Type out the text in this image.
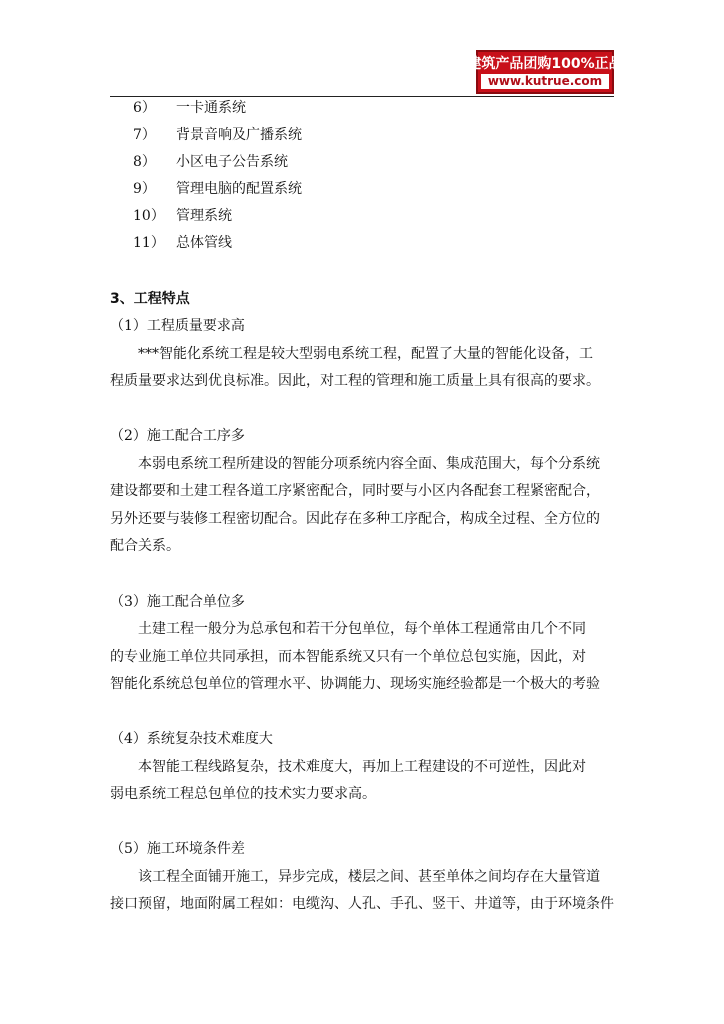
建筑产品团购100%正品
www.kutrue.com
6） 一卡通系统
7） 背景音响及广播系统
8） 小区电子公告系统
9） 管理电脑的配置系统
10） 管理系统
11） 总体管线
3、工程特点
（1）工程质量要求高
***智能化系统工程是较大型弱电系统工程，配置了大量的智能化设备，工
程质量要求达到优良标准。因此，对工程的管理和施工质量上具有很高的要求。
（2）施工配合工序多
本弱电系统工程所建设的智能分项系统内容全面、集成范围大，每个分系统
建设都要和土建工程各道工序紧密配合，同时要与小区内各配套工程紧密配合，
另外还要与装修工程密切配合。因此存在多种工序配合，构成全过程、全方位的
配合关系。
（3）施工配合单位多
土建工程一般分为总承包和若干分包单位，每个单体工程通常由几个不同
的专业施工单位共同承担，而本智能系统又只有一个单位总包实施，因此，对
智能化系统总包单位的管理水平、协调能力、现场实施经验都是一个极大的考验
（4）系统复杂技术难度大
本智能工程线路复杂，技术难度大，再加上工程建设的不可逆性，因此对
弱电系统工程总包单位的技术实力要求高。
（5）施工环境条件差
该工程全面铺开施工，异步完成，楼层之间、甚至单体之间均存在大量管道
接口预留，地面附属工程如：电缆沟、人孔、手孔、竖干、井道等，由于环境条件
